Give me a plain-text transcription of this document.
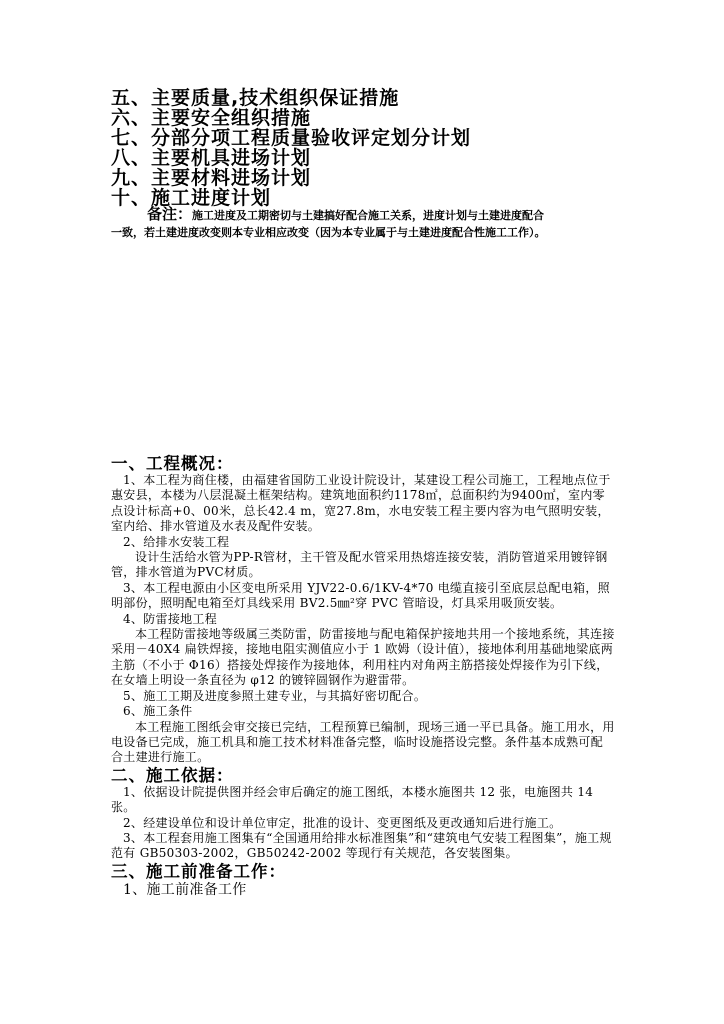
五、主要质量,技术组织保证措施
六、主要安全组织措施
七、分部分项工程质量验收评定划分计划
八、主要机具进场计划
九、主要材料进场计划
十、施工进度计划
备注：施工进度及工期密切与土建搞好配合施工关系，进度计划与土建进度配合
一致，若土建进度改变则本专业相应改变（因为本专业属于与土建进度配合性施工工作）。
一、工程概况：
1、本工程为商住楼，由福建省国防工业设计院设计，某建设工程公司施工，工程地点位于惠安县，本楼为八层混凝土框架结构。建筑地面积约1178㎡，总面积约为9400㎡，室内零点设计标高+0、00米，总长42.4 m，宽27.8m，水电安装工程主要内容为电气照明安装，室内给、排水管道及水表及配件安装。
2、给排水安装工程
设计生活给水管为PP-R管材，主干管及配水管采用热熔连接安装，消防管道采用镀锌钢管，排水管道为PVC材质。
3、本工程电源由小区变电所采用 YJV22-0.6/1KV-4*70 电缆直接引至底层总配电箱，照明部份，照明配电箱至灯具线采用 BV2.5㎜²穿 PVC 管暗设，灯具采用吸顶安装。
4、防雷接地工程
本工程防雷接地等级属三类防雷，防雷接地与配电箱保护接地共用一个接地系统，其连接采用－40X4 扁铁焊接，接地电阻实测值应小于 1 欧姆（设计值），接地体利用基础地梁底两主筋（不小于 Φ16）搭接处焊接作为接地体，利用柱内对角两主筋搭接处焊接作为引下线，在女墙上明设一条直径为 φ12 的镀锌圆钢作为避雷带。
5、施工工期及进度参照土建专业，与其搞好密切配合。
6、施工条件
本工程施工图纸会审交接已完结，工程预算已编制，现场三通一平已具备。施工用水，用电设备已完成，施工机具和施工技术材料准备完整，临时设施搭设完整。条件基本成熟可配合土建进行施工。
二、施工依据：
1、依据设计院提供图并经会审后确定的施工图纸，本楼水施图共 12 张，电施图共 14 张。
2、经建设单位和设计单位审定，批准的设计、变更图纸及更改通知后进行施工。
3、本工程套用施工图集有“全国通用给排水标准图集”和“建筑电气安装工程图集”，施工规范有 GB50303-2002，GB50242-2002 等现行有关规范，各安装图集。
三、施工前准备工作：
1、施工前准备工作
